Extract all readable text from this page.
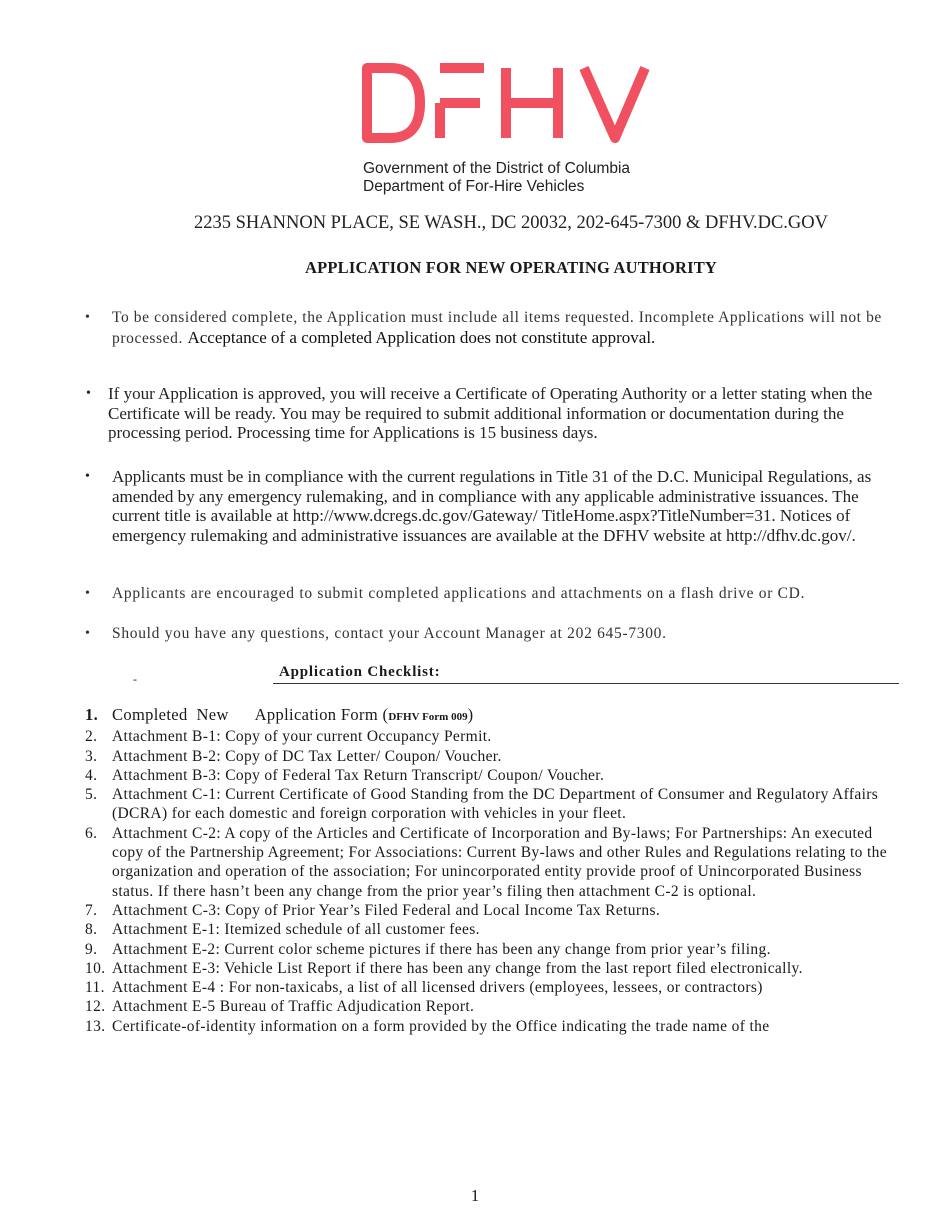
Government of the District of Columbia
Department of For-Hire Vehicles
2235 SHANNON PLACE, SE WASH., DC 20032, 202-645-7300 & DFHV.DC.GOV
APPLICATION FOR NEW OPERATING AUTHORITY
• To be considered complete, the Application must include all items requested. Incomplete Applications will not be processed. Acceptance of a completed Application does not constitute approval.
• If your Application is approved, you will receive a Certificate of Operating Authority or a letter stating when the Certificate will be ready. You may be required to submit additional information or documentation during the processing period. Processing time for Applications is 15 business days.
• Applicants must be in compliance with the current regulations in Title 31 of the D.C. Municipal Regulations, as amended by any emergency rulemaking, and in compliance with any applicable administrative issuances. The current title is available at http://www.dcregs.dc.gov/Gateway/ TitleHome.aspx?TitleNumber=31. Notices of emergency rulemaking and administrative issuances are available at the DFHV website at http://dfhv.dc.gov/.
• Applicants are encouraged to submit completed applications and attachments on a flash drive or CD.
• Should you have any questions, contact your Account Manager at 202 645-7300.
-	Application Checklist:
1. Completed  New      Application Form (DFHV Form 009)
2. Attachment B-1: Copy of your current Occupancy Permit.
3. Attachment B-2: Copy of DC Tax Letter/ Coupon/ Voucher.
4. Attachment B-3: Copy of Federal Tax Return Transcript/ Coupon/ Voucher.
5. Attachment C-1: Current Certificate of Good Standing from the DC Department of Consumer and Regulatory Affairs (DCRA) for each domestic and foreign corporation with vehicles in your fleet.
6. Attachment C-2: A copy of the Articles and Certificate of Incorporation and By-laws; For Partnerships: An executed copy of the Partnership Agreement; For Associations: Current By-laws and other Rules and Regulations relating to the organization and operation of the association; For unincorporated entity provide proof of Unincorporated Business status. If there hasn’t been any change from the prior year’s filing then attachment C-2 is optional.
7. Attachment C-3: Copy of Prior Year’s Filed Federal and Local Income Tax Returns.
8. Attachment E-1: Itemized schedule of all customer fees.
9. Attachment E-2: Current color scheme pictures if there has been any change from prior year’s filing.
10. Attachment E-3: Vehicle List Report if there has been any change from the last report filed electronically.
11. Attachment E-4 : For non-taxicabs, a list of all licensed drivers (employees, lessees, or contractors)
12. Attachment E-5 Bureau of Traffic Adjudication Report.
13. Certificate-of-identity information on a form provided by the Office indicating the trade name of the
1
